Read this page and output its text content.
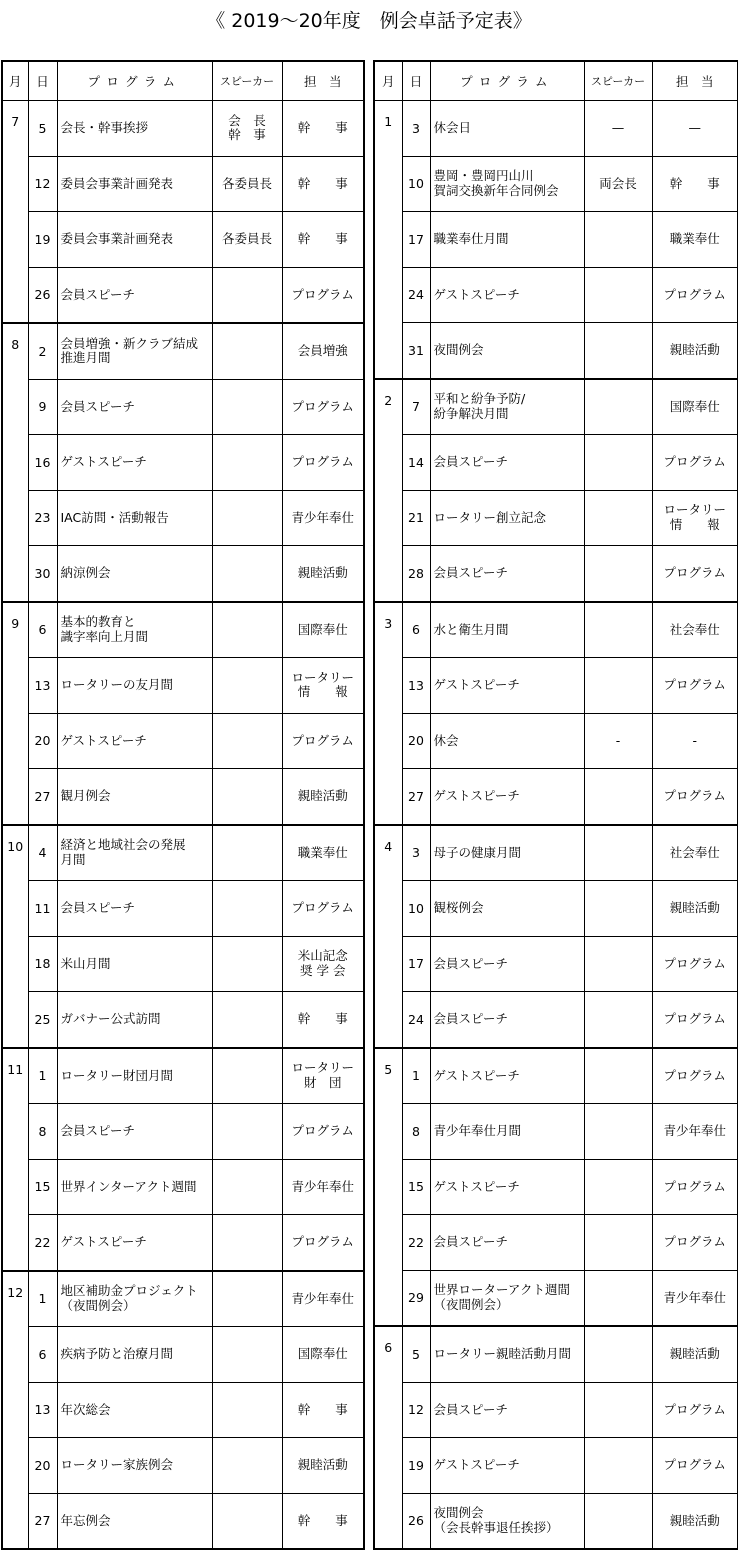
《 2019～20年度　例会卓話予定表》
月	日	プログラム	スピーカー	担　当
7	5	会長・幹事挨拶	会　長
幹　事	幹　　事
	12	委員会事業計画発表	各委員長	幹　　事
	19	委員会事業計画発表	各委員長	幹　　事
	26	会員スピーチ		プログラム
8	2	会員増強・新クラブ結成
推進月間		会員増強
	9	会員スピーチ		プログラム
	16	ゲストスピーチ		プログラム
	23	IAC訪問・活動報告		青少年奉仕
	30	納涼例会		親睦活動
9	6	基本的教育と
識字率向上月間		国際奉仕
	13	ロータリーの友月間		ロータリー
情　　報
	20	ゲストスピーチ		プログラム
	27	観月例会		親睦活動
10	4	経済と地域社会の発展
月間		職業奉仕
	11	会員スピーチ		プログラム
	18	米山月間		米山記念
奨 学 会
	25	ガバナー公式訪問		幹　　事
11	1	ロータリー財団月間		ロータリー
財　団
	8	会員スピーチ		プログラム
	15	世界インターアクト週間		青少年奉仕
	22	ゲストスピーチ		プログラム
12	1	地区補助金プロジェクト
（夜間例会）		青少年奉仕
	6	疾病予防と治療月間		国際奉仕
	13	年次総会		幹　　事
	20	ロータリー家族例会		親睦活動
	27	年忘例会		幹　　事
月	日	プログラム	スピーカー	担　当
1	3	休会日	—	—
	10	豊岡・豊岡円山川
賀詞交換新年合同例会	両会長	幹　　事
	17	職業奉仕月間		職業奉仕
	24	ゲストスピーチ		プログラム
	31	夜間例会		親睦活動
2	7	平和と紛争予防/
紛争解決月間		国際奉仕
	14	会員スピーチ		プログラム
	21	ロータリー創立記念		ロータリー
情　　報
	28	会員スピーチ		プログラム
3	6	水と衛生月間		社会奉仕
	13	ゲストスピーチ		プログラム
	20	休会	-	-
	27	ゲストスピーチ		プログラム
4	3	母子の健康月間		社会奉仕
	10	観桜例会		親睦活動
	17	会員スピーチ		プログラム
	24	会員スピーチ		プログラム
5	1	ゲストスピーチ		プログラム
	8	青少年奉仕月間		青少年奉仕
	15	ゲストスピーチ		プログラム
	22	会員スピーチ		プログラム
	29	世界ローターアクト週間
（夜間例会）		青少年奉仕
6	5	ロータリー親睦活動月間		親睦活動
	12	会員スピーチ		プログラム
	19	ゲストスピーチ		プログラム
	26	夜間例会
（会長幹事退任挨拶）		親睦活動
